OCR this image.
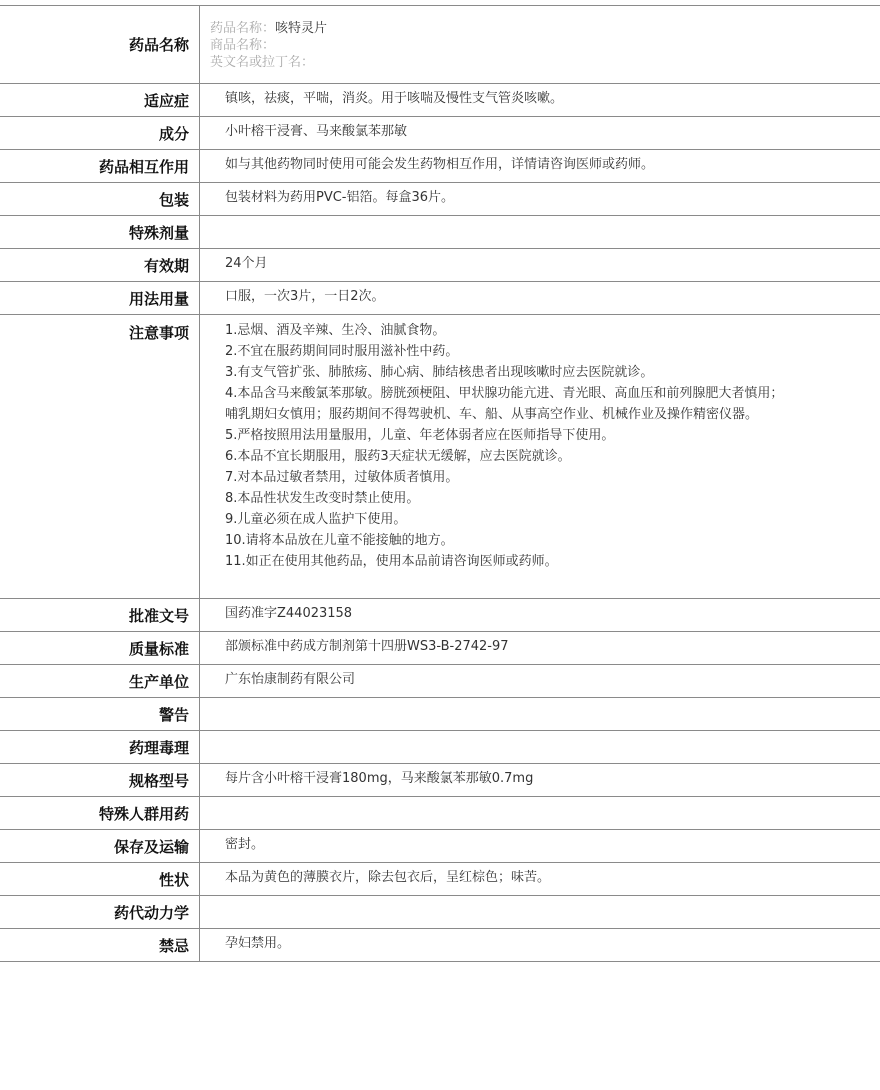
药品名称
药品名称：咳特灵片
商品名称：
英文名或拉丁名：
适应症	镇咳，祛痰，平喘，消炎。用于咳喘及慢性支气管炎咳嗽。
成分	小叶榕干浸膏、马来酸氯苯那敏
药品相互作用	如与其他药物同时使用可能会发生药物相互作用，详情请咨询医师或药师。
包装	包装材料为药用PVC-铝箔。每盒36片。
特殊剂量
有效期	24个月
用法用量	口服，一次3片，一日2次。
注意事项	1.忌烟、酒及辛辣、生冷、油腻食物。
2.不宜在服药期间同时服用滋补性中药。
3.有支气管扩张、肺脓疡、肺心病、肺结核患者出现咳嗽时应去医院就诊。
4.本品含马来酸氯苯那敏。膀胱颈梗阻、甲状腺功能亢进、青光眼、高血压和前列腺肥大者慎用；哺乳期妇女慎用；服药期间不得驾驶机、车、船、从事高空作业、机械作业及操作精密仪器。
5.严格按照用法用量服用，儿童、年老体弱者应在医师指导下使用。
6.本品不宜长期服用，服药3天症状无缓解，应去医院就诊。
7.对本品过敏者禁用，过敏体质者慎用。
8.本品性状发生改变时禁止使用。
9.儿童必须在成人监护下使用。
10.请将本品放在儿童不能接触的地方。
11.如正在使用其他药品，使用本品前请咨询医师或药师。
批准文号	国药准字Z44023158
质量标准	部颁标准中药成方制剂第十四册WS3-B-2742-97
生产单位	广东怡康制药有限公司
警告
药理毒理
规格型号	每片含小叶榕干浸膏180mg，马来酸氯苯那敏0.7mg
特殊人群用药
保存及运输	密封。
性状	本品为黄色的薄膜衣片，除去包衣后，呈红棕色；味苦。
药代动力学
禁忌	孕妇禁用。
